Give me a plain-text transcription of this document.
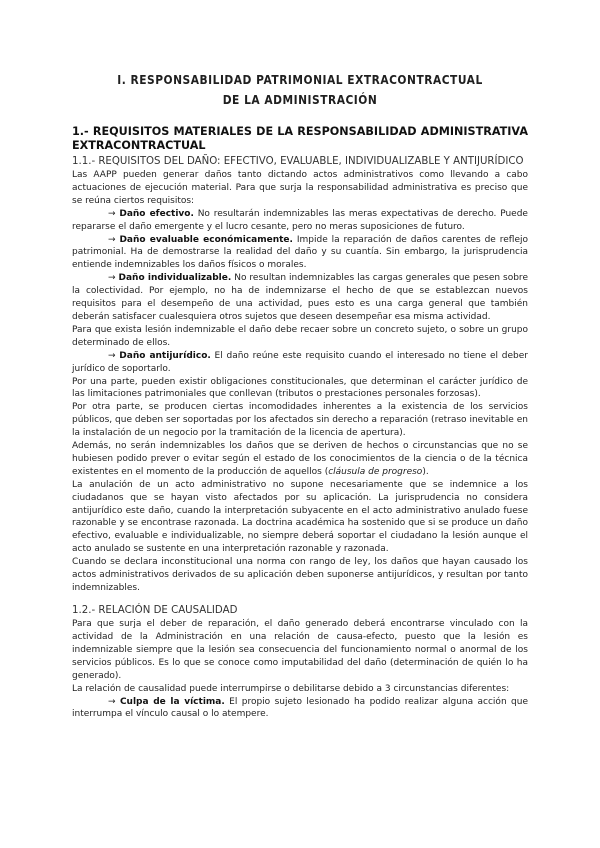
I. RESPONSABILIDAD PATRIMONIAL EXTRACONTRACTUAL DE LA ADMINISTRACIÓN
1.- REQUISITOS MATERIALES DE LA RESPONSABILIDAD ADMINISTRATIVA EXTRACONTRACTUAL
1.1.- REQUISITOS DEL DAÑO: EFECTIVO, EVALUABLE, INDIVIDUALIZABLE Y ANTIJURÍDICO

Las AAPP pueden generar daños tanto dictando actos administrativos como llevando a cabo actuaciones de ejecución material. Para que surja la responsabilidad administrativa es preciso que se reúna ciertos requisitos:

→ Daño efectivo. No resultarán indemnizables las meras expectativas de derecho. Puede repararse el daño emergente y el lucro cesante, pero no meras suposiciones de futuro.

→ Daño evaluable económicamente. Impide la reparación de daños carentes de reflejo patrimonial. Ha de demostrarse la realidad del daño y su cuantía. Sin embargo, la jurisprudencia entiende indemnizables los daños físicos o morales.

→ Daño individualizable. No resultan indemnizables las cargas generales que pesen sobre la colectividad. Por ejemplo, no ha de indemnizarse el hecho de que se establezcan nuevos requisitos para el desempeño de una actividad, pues esto es una carga general que también deberán satisfacer cualesquiera otros sujetos que deseen desempeñar esa misma actividad.

Para que exista lesión indemnizable el daño debe recaer sobre un concreto sujeto, o sobre un grupo determinado de ellos.

→ Daño antijurídico. El daño reúne este requisito cuando el interesado no tiene el deber jurídico de soportarlo.

Por una parte, pueden existir obligaciones constitucionales, que determinan el carácter jurídico de las limitaciones patrimoniales que conllevan (tributos o prestaciones personales forzosas).

Por otra parte, se producen ciertas incomodidades inherentes a la existencia de los servicios públicos, que deben ser soportadas por los afectados sin derecho a reparación (retraso inevitable en la instalación de un negocio por la tramitación de la licencia de apertura).

Además, no serán indemnizables los daños que se deriven de hechos o circunstancias que no se hubiesen podido prever o evitar según el estado de los conocimientos de la ciencia o de la técnica existentes en el momento de la producción de aquellos (cláusula de progreso).

La anulación de un acto administrativo no supone necesariamente que se indemnice a los ciudadanos que se hayan visto afectados por su aplicación. La jurisprudencia no considera antijurídico este daño, cuando la interpretación subyacente en el acto administrativo anulado fuese razonable y se encontrase razonada. La doctrina académica ha sostenido que si se produce un daño efectivo, evaluable e individualizable, no siempre deberá soportar el ciudadano la lesión aunque el acto anulado se sustente en una interpretación razonable y razonada.

Cuando se declara inconstitucional una norma con rango de ley, los daños que hayan causado los actos administrativos derivados de su aplicación deben suponerse antijurídicos, y resultan por tanto indemnizables.

1.2.- RELACIÓN DE CAUSALIDAD

Para que surja el deber de reparación, el daño generado deberá encontrarse vinculado con la actividad de la Administración en una relación de causa-efecto, puesto que la lesión es indemnizable siempre que la lesión sea consecuencia del funcionamiento normal o anormal de los servicios públicos. Es lo que se conoce como imputabilidad del daño (determinación de quién lo ha generado).

La relación de causalidad puede interrumpirse o debilitarse debido a 3 circunstancias diferentes:

→ Culpa de la víctima. El propio sujeto lesionado ha podido realizar alguna acción que interrumpa el vínculo causal o lo atempere.
